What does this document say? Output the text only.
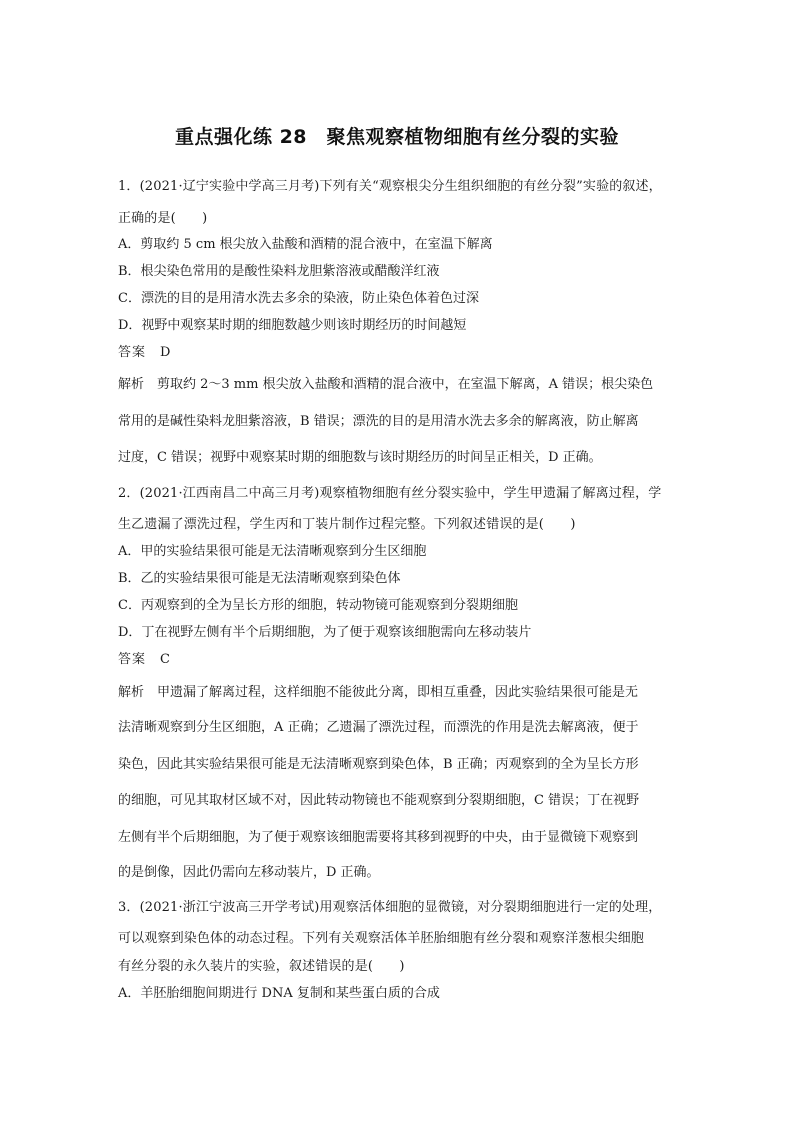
重点强化练 28　聚焦观察植物细胞有丝分裂的实验
1．(2021·辽宁实验中学高三月考)下列有关“观察根尖分生组织细胞的有丝分裂”实验的叙述，
正确的是(　　)
A．剪取约 5 cm 根尖放入盐酸和酒精的混合液中，在室温下解离
B．根尖染色常用的是酸性染料龙胆紫溶液或醋酸洋红液
C．漂洗的目的是用清水洗去多余的染液，防止染色体着色过深
D．视野中观察某时期的细胞数越少则该时期经历的时间越短
答案　D
解析　剪取约 2～3 mm 根尖放入盐酸和酒精的混合液中，在室温下解离，A 错误；根尖染色
常用的是碱性染料龙胆紫溶液，B 错误；漂洗的目的是用清水洗去多余的解离液，防止解离
过度，C 错误；视野中观察某时期的细胞数与该时期经历的时间呈正相关，D 正确。
2．(2021·江西南昌二中高三月考)观察植物细胞有丝分裂实验中，学生甲遗漏了解离过程，学
生乙遗漏了漂洗过程，学生丙和丁装片制作过程完整。下列叙述错误的是(　　)
A．甲的实验结果很可能是无法清晰观察到分生区细胞
B．乙的实验结果很可能是无法清晰观察到染色体
C．丙观察到的全为呈长方形的细胞，转动物镜可能观察到分裂期细胞
D．丁在视野左侧有半个后期细胞，为了便于观察该细胞需向左移动装片
答案　C
解析　甲遗漏了解离过程，这样细胞不能彼此分离，即相互重叠，因此实验结果很可能是无
法清晰观察到分生区细胞，A 正确；乙遗漏了漂洗过程，而漂洗的作用是洗去解离液，便于
染色，因此其实验结果很可能是无法清晰观察到染色体，B 正确；丙观察到的全为呈长方形
的细胞，可见其取材区域不对，因此转动物镜也不能观察到分裂期细胞，C 错误；丁在视野
左侧有半个后期细胞，为了便于观察该细胞需要将其移到视野的中央，由于显微镜下观察到
的是倒像，因此仍需向左移动装片，D 正确。
3．(2021·浙江宁波高三开学考试)用观察活体细胞的显微镜，对分裂期细胞进行一定的处理，
可以观察到染色体的动态过程。下列有关观察活体羊胚胎细胞有丝分裂和观察洋葱根尖细胞
有丝分裂的永久装片的实验，叙述错误的是(　　)
A．羊胚胎细胞间期进行 DNA 复制和某些蛋白质的合成
